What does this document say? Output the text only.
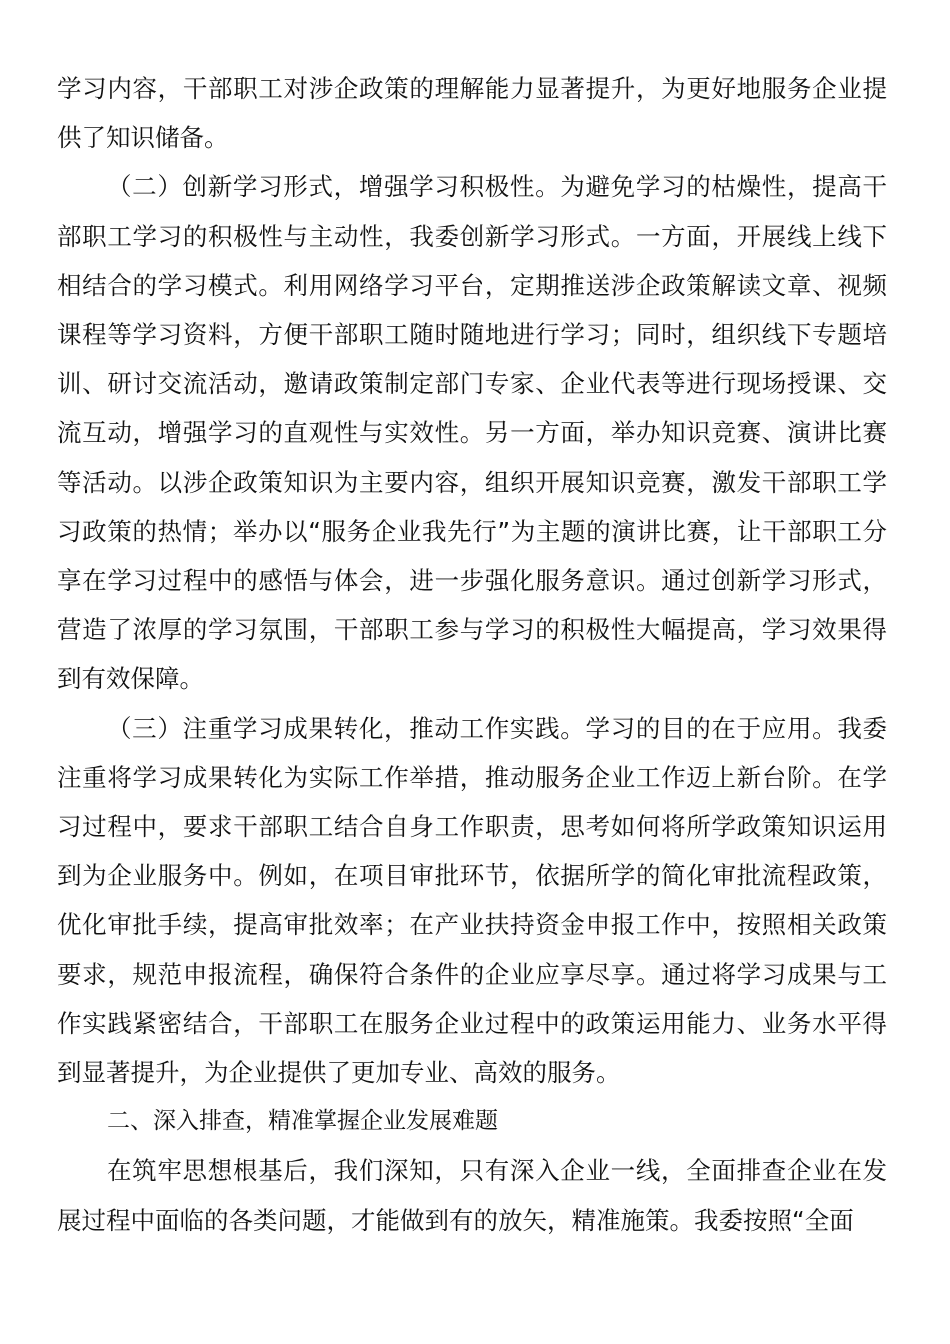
学习内容，干部职工对涉企政策的理解能力显著提升，为更好地服务企业提供了知识储备。

（二）创新学习形式，增强学习积极性。为避免学习的枯燥性，提高干部职工学习的积极性与主动性，我委创新学习形式。一方面，开展线上线下相结合的学习模式。利用网络学习平台，定期推送涉企政策解读文章、视频课程等学习资料，方便干部职工随时随地进行学习；同时，组织线下专题培训、研讨交流活动，邀请政策制定部门专家、企业代表等进行现场授课、交流互动，增强学习的直观性与实效性。另一方面，举办知识竞赛、演讲比赛等活动。以涉企政策知识为主要内容，组织开展知识竞赛，激发干部职工学习政策的热情；举办以“服务企业我先行”为主题的演讲比赛，让干部职工分享在学习过程中的感悟与体会，进一步强化服务意识。通过创新学习形式，营造了浓厚的学习氛围，干部职工参与学习的积极性大幅提高，学习效果得到有效保障。

（三）注重学习成果转化，推动工作实践。学习的目的在于应用。我委注重将学习成果转化为实际工作举措，推动服务企业工作迈上新台阶。在学习过程中，要求干部职工结合自身工作职责，思考如何将所学政策知识运用到为企业服务中。例如，在项目审批环节，依据所学的简化审批流程政策，优化审批手续，提高审批效率；在产业扶持资金申报工作中，按照相关政策要求，规范申报流程，确保符合条件的企业应享尽享。通过将学习成果与工作实践紧密结合，干部职工在服务企业过程中的政策运用能力、业务水平得到显著提升，为企业提供了更加专业、高效的服务。

二、深入排查，精准掌握企业发展难题

在筑牢思想根基后，我们深知，只有深入企业一线，全面排查企业在发展过程中面临的各类问题，才能做到有的放矢，精准施策。我委按照“全面
